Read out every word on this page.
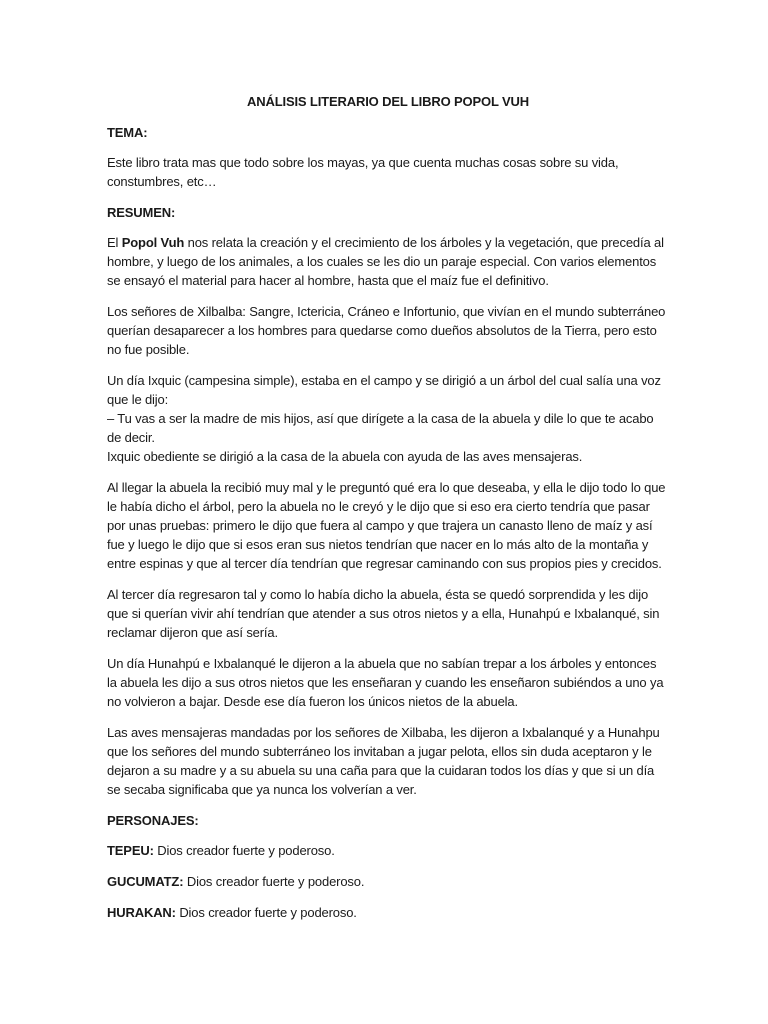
ANÁLISIS LITERARIO DEL LIBRO POPOL VUH
TEMA:
Este libro trata mas que todo sobre los mayas, ya que cuenta muchas cosas sobre su vida, constumbres, etc…
RESUMEN:
El Popol Vuh nos relata la creación y el crecimiento de los árboles y la vegetación, que precedía al hombre, y luego de los animales, a los cuales se les dio un paraje especial. Con varios elementos se ensayó el material para hacer al hombre, hasta que el maíz fue el definitivo.
Los señores de Xilbalba: Sangre, Ictericia, Cráneo e Infortunio, que vivían en el mundo subterráneo querían desaparecer a los hombres para quedarse como dueños absolutos de la Tierra, pero esto no fue posible.
Un día Ixquic (campesina simple), estaba en el campo y se dirigió a un árbol del cual salía una voz que le dijo:
– Tu vas a ser la madre de mis hijos, así que dirígete a la casa de la abuela y dile lo que te acabo de decir.
Ixquic obediente se dirigió a la casa de la abuela con ayuda de las aves mensajeras.
Al llegar la abuela la recibió muy mal y le preguntó qué era lo que deseaba, y ella le dijo todo lo que le había dicho el árbol, pero la abuela no le creyó y le dijo que si eso era cierto tendría que pasar por unas pruebas: primero le dijo que fuera al campo y que trajera un canasto lleno de maíz y así fue y luego le dijo que si esos eran sus nietos tendrían que nacer en lo más alto de la montaña y entre espinas y que al tercer día tendrían que regresar caminando con sus propios pies y crecidos.
Al tercer día regresaron tal y como lo había dicho la abuela, ésta se quedó sorprendida y les dijo que si querían vivir ahí tendrían que atender a sus otros nietos y a ella, Hunahpú e Ixbalanqué, sin reclamar dijeron que así sería.
Un día Hunahpú e Ixbalanqué le dijeron a la abuela que no sabían trepar a los árboles y entonces la abuela les dijo a sus otros nietos que les enseñaran y cuando les enseñaron subiéndos a uno ya no volvieron a bajar. Desde ese día fueron los únicos nietos de la abuela.
Las aves mensajeras mandadas por los señores de Xilbaba, les dijeron a Ixbalanqué y a Hunahpu que los señores del mundo subterráneo los invitaban a jugar pelota, ellos sin duda aceptaron y le dejaron a su madre y a su abuela su una caña para que la cuidaran todos los días y que si un día se secaba significaba que ya nunca los volverían a ver.
PERSONAJES:
TEPEU: Dios creador fuerte y poderoso.
GUCUMATZ: Dios creador fuerte y poderoso.
HURAKAN: Dios creador fuerte y poderoso.
